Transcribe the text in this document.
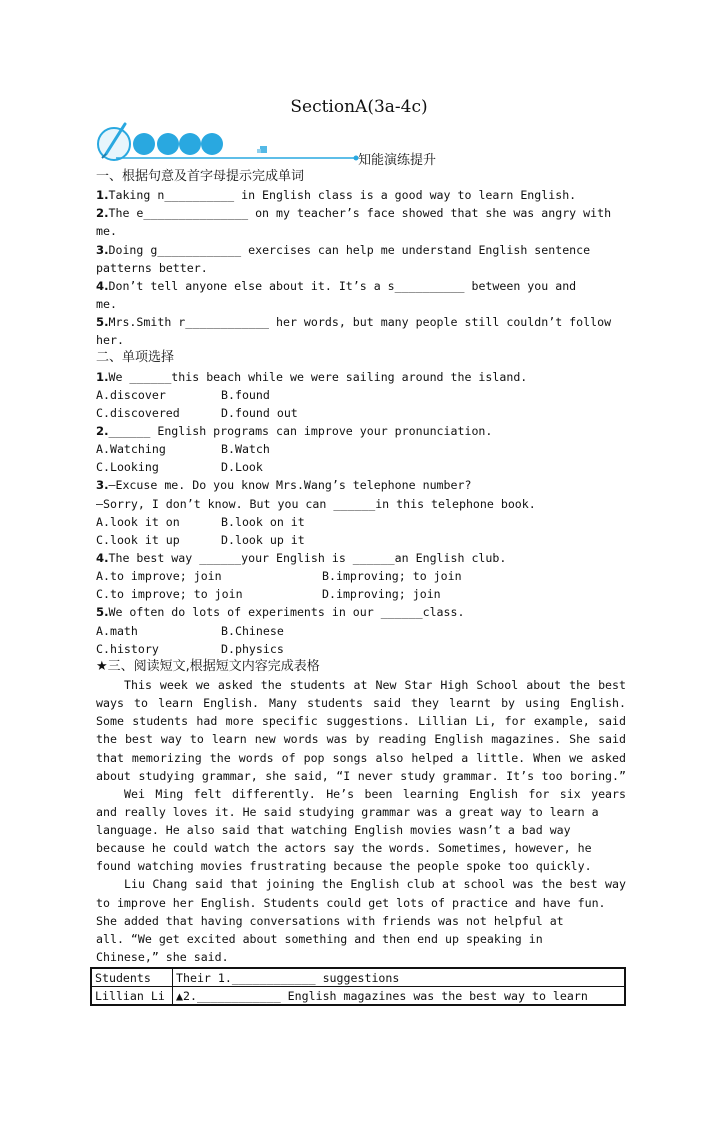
SectionA(3a-4c)
知能演练提升
一、根据句意及首字母提示完成单词
1.Taking n__________ in English class is a good way to learn English.
2.The e_______________ on my teacher’s face showed that she was angry with
me.
3.Doing g____________ exercises can help me understand English sentence
patterns better.
4.Don’t tell anyone else about it. It’s a s__________ between you and
me.
5.Mrs.Smith r____________ her words, but many people still couldn’t follow
her.
二、单项选择
1.We ______this beach while we were sailing around the island.
A.discover	B.found
C.discovered	D.found out
2.______ English programs can improve your pronunciation.
A.Watching	B.Watch
C.Looking	D.Look
3.—Excuse me. Do you know Mrs.Wang’s telephone number?
—Sorry, I don’t know. But you can ______in this telephone book.
A.look it on	B.look on it
C.look it up	D.look up it
4.The best way ______your English is ______an English club.
A.to improve; join	B.improving; to join
C.to improve; to join	D.improving; join
5.We often do lots of experiments in our ______class.
A.math	B.Chinese
C.history	D.physics
★三、阅读短文,根据短文内容完成表格
This week we asked the students at New Star High School about the best
ways to learn English. Many students said they learnt by using English.
Some students had more specific suggestions. Lillian Li, for example, said
the best way to learn new words was by reading English magazines. She said
that memorizing the words of pop songs also helped a little. When we asked
about studying grammar, she said, “I never study grammar. It’s too boring.”
Wei Ming felt differently. He’s been learning English for six years
and really loves it. He said studying grammar was a great way to learn a
language. He also said that watching English movies wasn’t a bad way
because he could watch the actors say the words. Sometimes, however, he
found watching movies frustrating because the people spoke too quickly.
Liu Chang said that joining the English club at school was the best way
to improve her English. Students could get lots of practice and have fun.
She added that having conversations with friends was not helpful at
all. “We get excited about something and then end up speaking in
Chinese,” she said.
Students	Their 1.____________ suggestions
Lillian Li	▲2.____________ English magazines was the best way to learn
